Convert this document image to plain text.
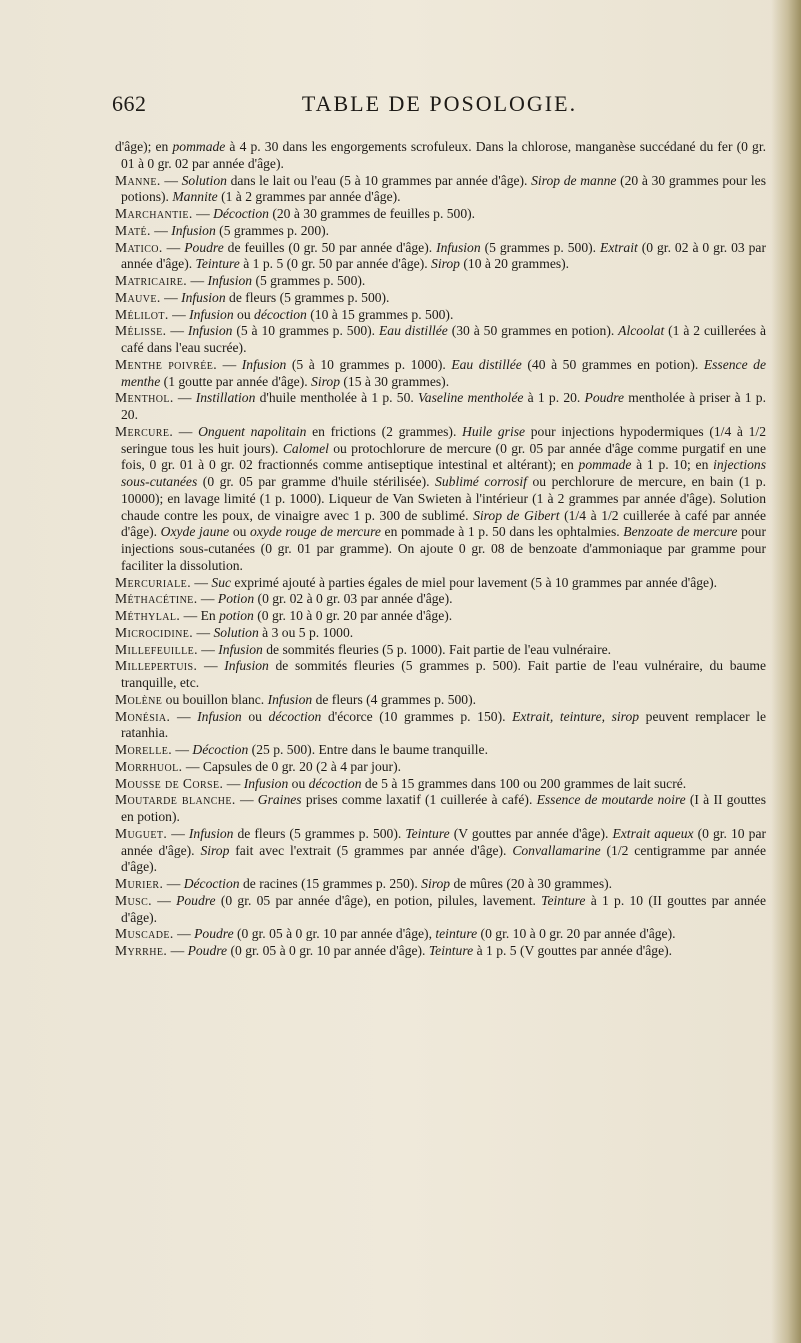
662	TABLE DE POSOLOGIE.
d'âge); en pommade à 4 p. 30 dans les engorgements scrofuleux. Dans la chlorose, manganèse succédané du fer (0 gr. 01 à 0 gr. 02 par année d'âge).
Manne. — Solution dans le lait ou l'eau (5 à 10 grammes par année d'âge). Sirop de manne (20 à 30 grammes pour les potions). Mannite (1 à 2 grammes par année d'âge).
Marchantie. — Décoction (20 à 30 grammes de feuilles p. 500).
Maté. — Infusion (5 grammes p. 200).
Matico. — Poudre de feuilles (0 gr. 50 par année d'âge). Infusion (5 grammes p. 500). Extrait (0 gr. 02 à 0 gr. 03 par année d'âge). Teinture à 1 p. 5 (0 gr. 50 par année d'âge). Sirop (10 à 20 grammes).
Matricaire. — Infusion (5 grammes p. 500).
Mauve. — Infusion de fleurs (5 grammes p. 500).
Mélilot. — Infusion ou décoction (10 à 15 grammes p. 500).
Mélisse. — Infusion (5 à 10 grammes p. 500). Eau distillée (30 à 50 grammes en potion). Alcoolat (1 à 2 cuillerées à café dans l'eau sucrée).
Menthe poivrée. — Infusion (5 à 10 grammes p. 1000). Eau distillée (40 à 50 grammes en potion). Essence de menthe (1 goutte par année d'âge). Sirop (15 à 30 grammes).
Menthol. — Instillation d'huile mentholée à 1 p. 50. Vaseline mentholée à 1 p. 20. Poudre mentholée à priser à 1 p. 20.
Mercure. — Onguent napolitain en frictions (2 grammes). Huile grise pour injections hypodermiques (1/4 à 1/2 seringue tous les huit jours). Calomel ou protochlorure de mercure (0 gr. 05 par année d'âge comme purgatif en une fois, 0 gr. 01 à 0 gr. 02 fractionnés comme antiseptique intestinal et altérant); en pommade à 1 p. 10; en injections sous-cutanées (0 gr. 05 par gramme d'huile stérilisée). Sublimé corrosif ou perchlorure de mercure, en bain (1 p. 10000); en lavage limité (1 p. 1000). Liqueur de Van Swieten à l'intérieur (1 à 2 grammes par année d'âge). Solution chaude contre les poux, de vinaigre avec 1 p. 300 de sublimé. Sirop de Gibert (1/4 à 1/2 cuillerée à café par année d'âge). Oxyde jaune ou oxyde rouge de mercure en pommade à 1 p. 50 dans les ophtalmies. Benzoate de mercure pour injections sous-cutanées (0 gr. 01 par gramme). On ajoute 0 gr. 08 de benzoate d'ammoniaque par gramme pour faciliter la dissolution.
Mercuriale. — Suc exprimé ajouté à parties égales de miel pour lavement (5 à 10 grammes par année d'âge).
Méthacétine. — Potion (0 gr. 02 à 0 gr. 03 par année d'âge).
Méthylal. — En potion (0 gr. 10 à 0 gr. 20 par année d'âge).
Microcidine. — Solution à 3 ou 5 p. 1000.
Millefeuille. — Infusion de sommités fleuries (5 p. 1000). Fait partie de l'eau vulnéraire.
Millepertuis. — Infusion de sommités fleuries (5 grammes p. 500). Fait partie de l'eau vulnéraire, du baume tranquille, etc.
Molène ou bouillon blanc. Infusion de fleurs (4 grammes p. 500).
Monésia. — Infusion ou décoction d'écorce (10 grammes p. 150). Extrait, teinture, sirop peuvent remplacer le ratanhia.
Morelle. — Décoction (25 p. 500). Entre dans le baume tranquille.
Morrhuol. — Capsules de 0 gr. 20 (2 à 4 par jour).
Mousse de Corse. — Infusion ou décoction de 5 à 15 grammes dans 100 ou 200 grammes de lait sucré.
Moutarde blanche. — Graines prises comme laxatif (1 cuillerée à café). Essence de moutarde noire (I à II gouttes en potion).
Muguet. — Infusion de fleurs (5 grammes p. 500). Teinture (V gouttes par année d'âge). Extrait aqueux (0 gr. 10 par année d'âge). Sirop fait avec l'extrait (5 grammes par année d'âge). Convallamarine (1/2 centigramme par année d'âge).
Murier. — Décoction de racines (15 grammes p. 250). Sirop de mûres (20 à 30 grammes).
Musc. — Poudre (0 gr. 05 par année d'âge), en potion, pilules, lavement. Teinture à 1 p. 10 (II gouttes par année d'âge).
Muscade. — Poudre (0 gr. 05 à 0 gr. 10 par année d'âge), teinture (0 gr. 10 à 0 gr. 20 par année d'âge).
Myrrhe. — Poudre (0 gr. 05 à 0 gr. 10 par année d'âge). Teinture à 1 p. 5 (V gouttes par année d'âge).
